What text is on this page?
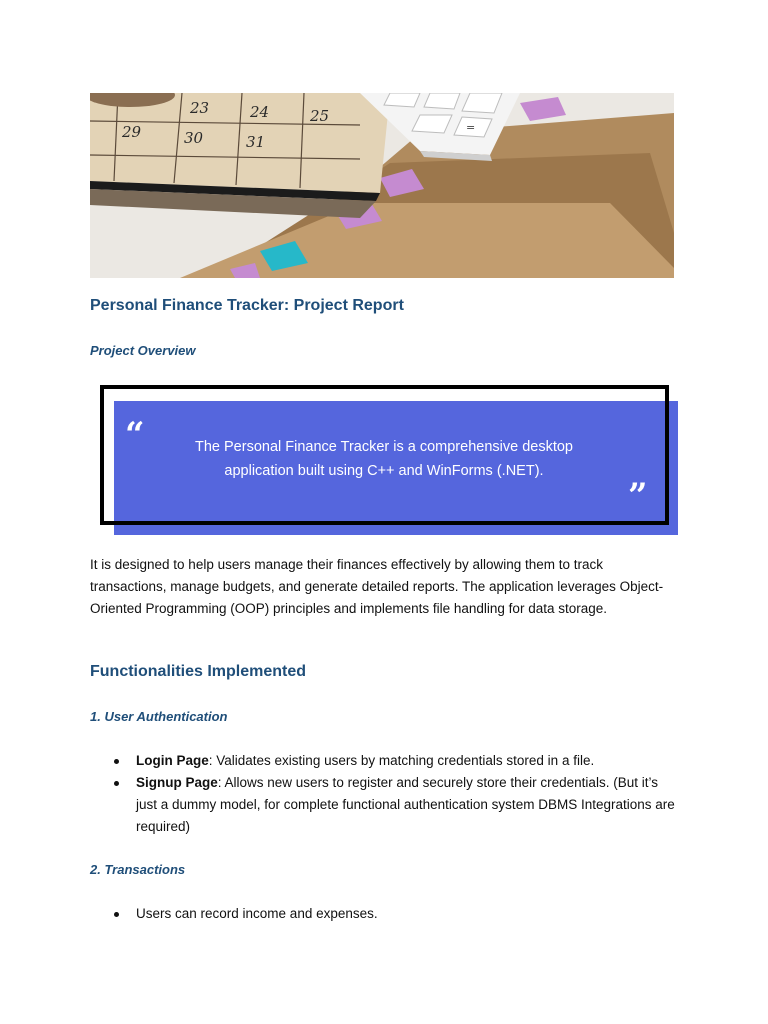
23	24	25
29	30	31
=
Personal Finance Tracker: Project Report

Project Overview

“	The Personal Finance Tracker is a comprehensive desktop application built using C++ and WinForms (.NET).
”

It is designed to help users manage their finances effectively by allowing them to track transactions, manage budgets, and generate detailed reports. The application leverages Object-Oriented Programming (OOP) principles and implements file handling for data storage.

Functionalities Implemented

1. User Authentication

Login Page: Validates existing users by matching credentials stored in a file.
Signup Page: Allows new users to register and securely store their credentials. (But it’s just a dummy model, for complete functional authentication system DBMS Integrations are required)

2. Transactions

Users can record income and expenses.
